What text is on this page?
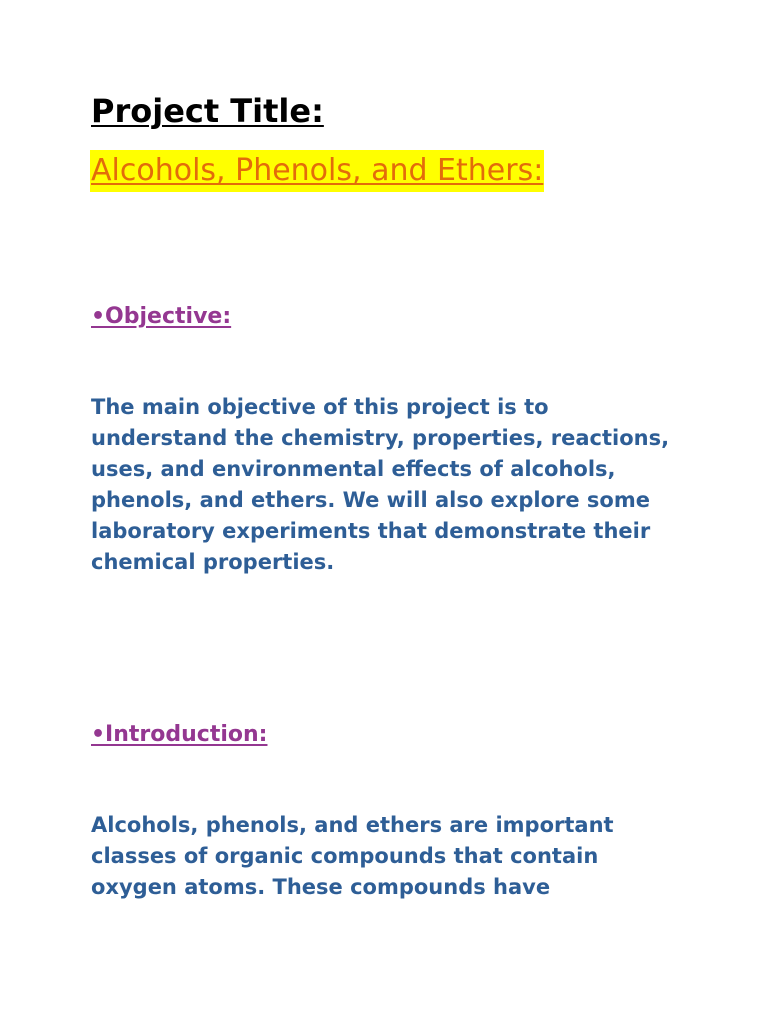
Project Title:
Alcohols, Phenols, and Ethers:
•Objective:

The main objective of this project is to understand the chemistry, properties, reactions, uses, and environmental effects of alcohols, phenols, and ethers. We will also explore some laboratory experiments that demonstrate their chemical properties.

•Introduction:

Alcohols, phenols, and ethers are important classes of organic compounds that contain oxygen atoms. These compounds have
